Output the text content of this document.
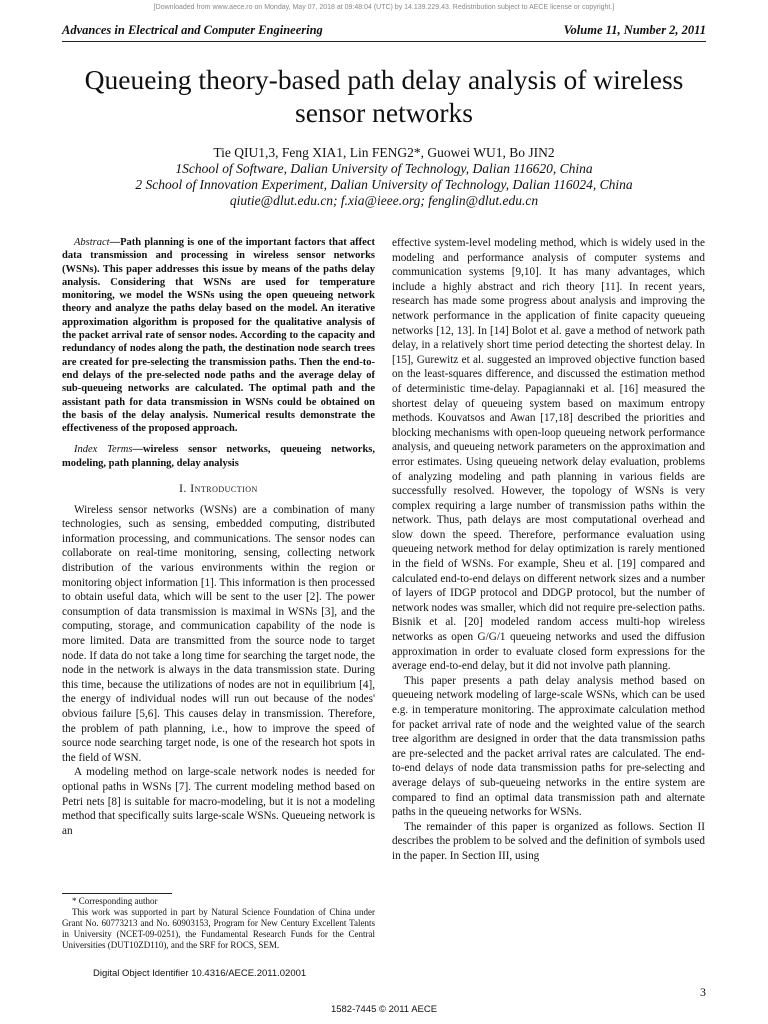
[Downloaded from www.aece.ro on Monday, May 07, 2018 at 09:48:04 (UTC) by 14.139.229.43. Redistribution subject to AECE license or copyright.]
Advances in Electrical and Computer Engineering	Volume 11, Number 2, 2011
Queueing theory-based path delay analysis of wireless sensor networks
Tie QIU1,3, Feng XIA1, Lin FENG2*, Guowei WU1, Bo JIN2
1School of Software, Dalian University of Technology, Dalian 116620, China
2 School of Innovation Experiment, Dalian University of Technology, Dalian 116024, China
qiutie@dlut.edu.cn; f.xia@ieee.org; fenglin@dlut.edu.cn

Abstract—Path planning is one of the important factors that affect data transmission and processing in wireless sensor networks (WSNs). This paper addresses this issue by means of the paths delay analysis. Considering that WSNs are used for temperature monitoring, we model the WSNs using the open queueing network theory and analyze the paths delay based on the model. An iterative approximation algorithm is proposed for the qualitative analysis of the packet arrival rate of sensor nodes. According to the capacity and redundancy of nodes along the path, the destination node search trees are created for pre-selecting the transmission paths. Then the end-to-end delays of the pre-selected node paths and the average delay of sub-queueing networks are calculated. The optimal path and the assistant path for data transmission in WSNs could be obtained on the basis of the delay analysis. Numerical results demonstrate the effectiveness of the proposed approach.

Index Terms—wireless sensor networks, queueing networks, modeling, path planning, delay analysis

I. Introduction

Wireless sensor networks (WSNs) are a combination of many technologies, such as sensing, embedded computing, distributed information processing, and communications. The sensor nodes can collaborate on real-time monitoring, sensing, collecting network distribution of the various environments within the region or monitoring object information [1]. This information is then processed to obtain useful data, which will be sent to the user [2]. The power consumption of data transmission is maximal in WSNs [3], and the computing, storage, and communication capability of the node is more limited. Data are transmitted from the source node to target node. If data do not take a long time for searching the target node, the node in the network is always in the data transmission state. During this time, because the utilizations of nodes are not in equilibrium [4], the energy of individual nodes will run out because of the nodes' obvious failure [5,6]. This causes delay in transmission. Therefore, the problem of path planning, i.e., how to improve the speed of source node searching target node, is one of the research hot spots in the field of WSN.

A modeling method on large-scale network nodes is needed for optional paths in WSNs [7]. The current modeling method based on Petri nets [8] is suitable for macro-modeling, but it is not a modeling method that specifically suits large-scale WSNs. Queueing network is an

effective system-level modeling method, which is widely used in the modeling and performance analysis of computer systems and communication systems [9,10]. It has many advantages, which include a highly abstract and rich theory [11]. In recent years, research has made some progress about analysis and improving the network performance in the application of finite capacity queueing networks [12, 13]. In [14] Bolot et al. gave a method of network path delay, in a relatively short time period detecting the shortest delay. In [15], Gurewitz et al. suggested an improved objective function based on the least-squares difference, and discussed the estimation method of deterministic time-delay. Papagiannaki et al. [16] measured the shortest delay of queueing system based on maximum entropy methods. Kouvatsos and Awan [17,18] described the priorities and blocking mechanisms with open-loop queueing network performance analysis, and queueing network parameters on the approximation and error estimates. Using queueing network delay evaluation, problems of analyzing modeling and path planning in various fields are successfully resolved. However, the topology of WSNs is very complex requiring a large number of transmission paths within the network. Thus, path delays are most computational overhead and slow down the speed. Therefore, performance evaluation using queueing network method for delay optimization is rarely mentioned in the field of WSNs. For example, Sheu et al. [19] compared and calculated end-to-end delays on different network sizes and a number of layers of IDGP protocol and DDGP protocol, but the number of network nodes was smaller, which did not require pre-selection paths. Bisnik et al. [20] modeled random access multi-hop wireless networks as open G/G/1 queueing networks and used the diffusion approximation in order to evaluate closed form expressions for the average end-to-end delay, but it did not involve path planning.

This paper presents a path delay analysis method based on queueing network modeling of large-scale WSNs, which can be used e.g. in temperature monitoring. The approximate calculation method for packet arrival rate of node and the weighted value of the search tree algorithm are designed in order that the data transmission paths are pre-selected and the packet arrival rates are calculated. The end-to-end delays of node data transmission paths for pre-selecting and average delays of sub-queueing networks in the entire system are compared to find an optimal data transmission path and alternate paths in the queueing networks for WSNs.

The remainder of this paper is organized as follows. Section II describes the problem to be solved and the definition of symbols used in the paper. In Section III, using

* Corresponding author

This work was supported in part by Natural Science Foundation of China under Grant No. 60773213 and No. 60903153, Program for New Century Excellent Talents in University (NCET-09-0251), the Fundamental Research Funds for the Central Universities (DUT10ZD110), and the SRF for ROCS, SEM.

Digital Object Identifier 10.4316/AECE.2011.02001
3
1582-7445 © 2011 AECE
